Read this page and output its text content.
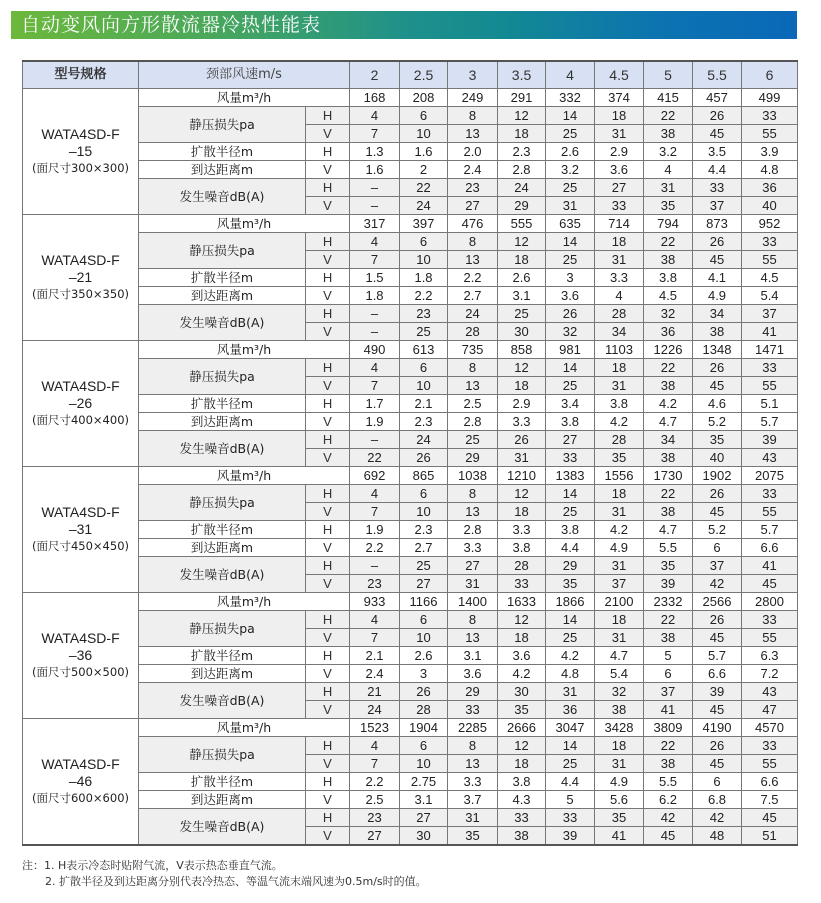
自动变风向方形散流器冷热性能表
型号规格	颈部风速m/s		2	2.5	3	3.5	4	4.5	5	5.5	6

WATA4SD-F
–15
(面尺寸300×300)	风量m³/h		168	208	249	291	332	374	415	457	499
	静压损失pa	H	4	6	8	12	14	18	22	26	33
		V	7	10	13	18	25	31	38	45	55
	扩散半径m	H	1.3	1.6	2.0	2.3	2.6	2.9	3.2	3.5	3.9
	到达距离m	V	1.6	2	2.4	2.8	3.2	3.6	4	4.4	4.8
	发生噪音dB(A)	H	–	22	23	24	25	27	31	33	36
		V	–	24	27	29	31	33	35	37	40

WATA4SD-F
–21
(面尺寸350×350)	风量m³/h		317	397	476	555	635	714	794	873	952
	静压损失pa	H	4	6	8	12	14	18	22	26	33
		V	7	10	13	18	25	31	38	45	55
	扩散半径m	H	1.5	1.8	2.2	2.6	3	3.3	3.8	4.1	4.5
	到达距离m	V	1.8	2.2	2.7	3.1	3.6	4	4.5	4.9	5.4
	发生噪音dB(A)	H	–	23	24	25	26	28	32	34	37
		V	–	25	28	30	32	34	36	38	41

WATA4SD-F
–26
(面尺寸400×400)	风量m³/h		490	613	735	858	981	1103	1226	1348	1471
	静压损失pa	H	4	6	8	12	14	18	22	26	33
		V	7	10	13	18	25	31	38	45	55
	扩散半径m	H	1.7	2.1	2.5	2.9	3.4	3.8	4.2	4.6	5.1
	到达距离m	V	1.9	2.3	2.8	3.3	3.8	4.2	4.7	5.2	5.7
	发生噪音dB(A)	H	–	24	25	26	27	28	34	35	39
		V	22	26	29	31	33	35	38	40	43

WATA4SD-F
–31
(面尺寸450×450)	风量m³/h		692	865	1038	1210	1383	1556	1730	1902	2075
	静压损失pa	H	4	6	8	12	14	18	22	26	33
		V	7	10	13	18	25	31	38	45	55
	扩散半径m	H	1.9	2.3	2.8	3.3	3.8	4.2	4.7	5.2	5.7
	到达距离m	V	2.2	2.7	3.3	3.8	4.4	4.9	5.5	6	6.6
	发生噪音dB(A)	H	–	25	27	28	29	31	35	37	41
		V	23	27	31	33	35	37	39	42	45

WATA4SD-F
–36
(面尺寸500×500)	风量m³/h		933	1166	1400	1633	1866	2100	2332	2566	2800
	静压损失pa	H	4	6	8	12	14	18	22	26	33
		V	7	10	13	18	25	31	38	45	55
	扩散半径m	H	2.1	2.6	3.1	3.6	4.2	4.7	5	5.7	6.3
	到达距离m	V	2.4	3	3.6	4.2	4.8	5.4	6	6.6	7.2
	发生噪音dB(A)	H	21	26	29	30	31	32	37	39	43
		V	24	28	33	35	36	38	41	45	47

WATA4SD-F
–46
(面尺寸600×600)	风量m³/h		1523	1904	2285	2666	3047	3428	3809	4190	4570
	静压损失pa	H	4	6	8	12	14	18	22	26	33
		V	7	10	13	18	25	31	38	45	55
	扩散半径m	H	2.2	2.75	3.3	3.8	4.4	4.9	5.5	6	6.6
	到达距离m	V	2.5	3.1	3.7	4.3	5	5.6	6.2	6.8	7.5
	发生噪音dB(A)	H	23	27	31	33	33	35	42	42	45
		V	27	30	35	38	39	41	45	48	51
注：1. H表示冷态时贴附气流，V表示热态垂直气流。
2. 扩散半径及到达距离分别代表冷热态、等温气流末端风速为0.5m/s时的值。
